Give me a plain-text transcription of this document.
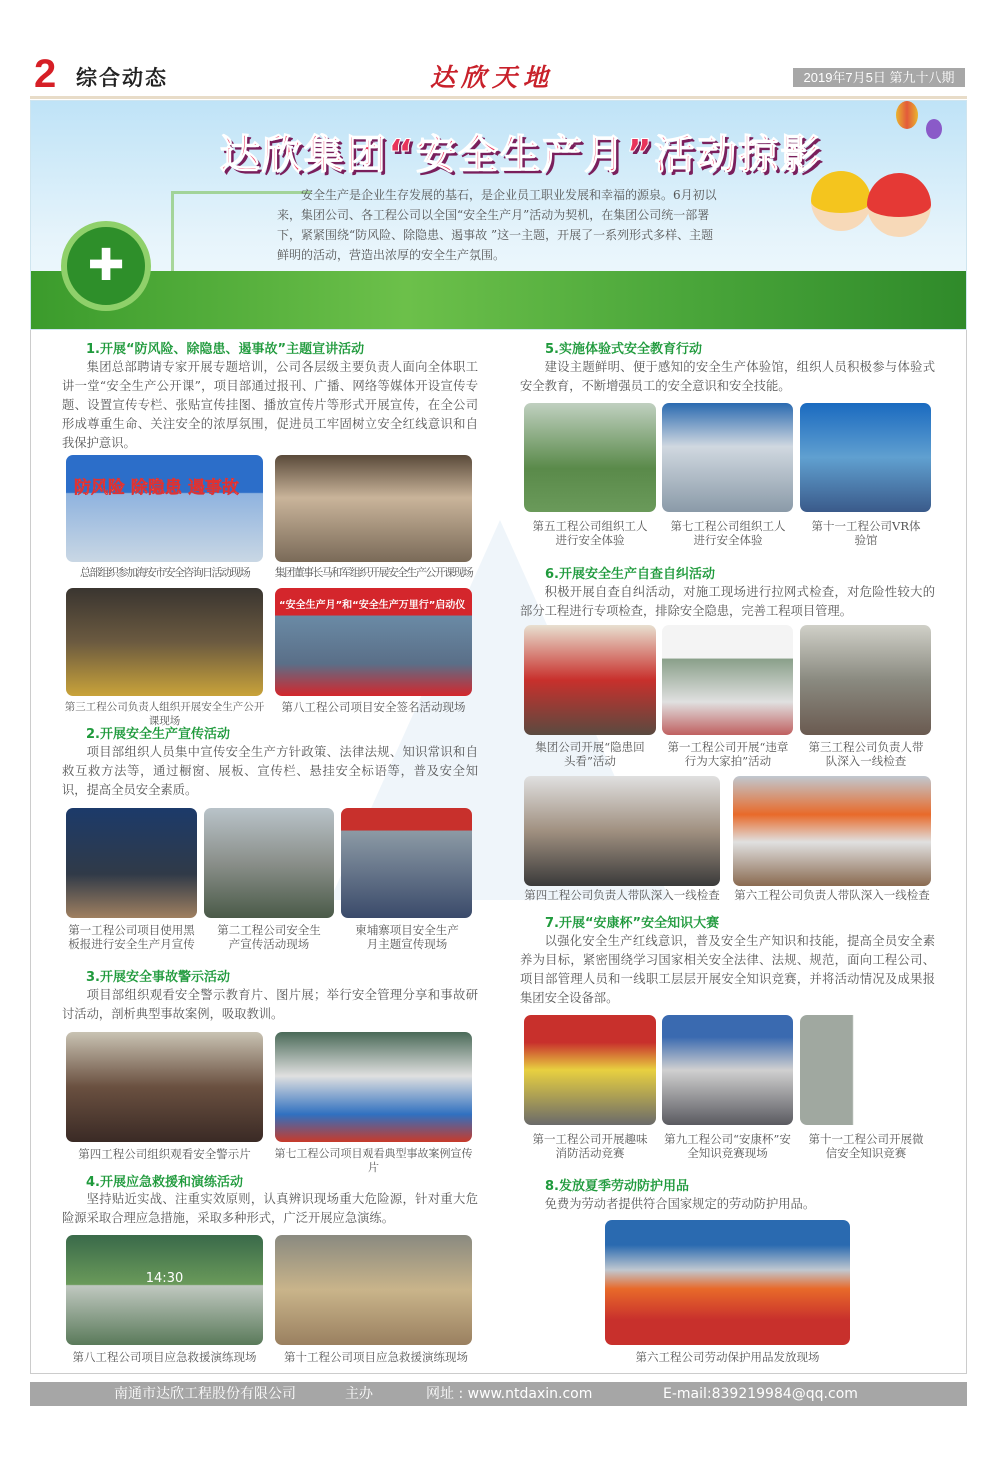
2 综合动态	达欣天地	2019年7月5日 第九十八期
✚
达欣集团“安全生产月”活动掠影
安全生产是企业生存发展的基石，是企业员工职业发展和幸福的源泉。6月初以来，集团公司、各工程公司以全国“安全生产月”活动为契机，在集团公司统一部署下，紧紧围绕“防风险、除隐患、遏事故 ”这一主题，开展了一系列形式多样、主题鲜明的活动，营造出浓厚的安全生产氛围。
1.开展“防风险、除隐患、遏事故”主题宣讲活动
集团总部聘请专家开展专题培训，公司各层级主要负责人面向全体职工讲一堂“安全生产公开课”，项目部通过报刊、广播、网络等媒体开设宣传专题、设置宣传专栏、张贴宣传挂图、播放宣传片等形式开展宣传，在全公司形成尊重生命、关注安全的浓厚氛围，促进员工牢固树立安全红线意识和自我保护意识。
防风险 除隐患 遏事故
总部组织参加海安市安全咨询日活动现场	集团董事长马和军组织开展安全生产公开课现场
“安全生产月”和“安全生产万里行”启动仪
第三工程公司负责人组织开展安全生产公开课现场
第八工程公司项目安全签名活动现场
2.开展安全生产宣传活动
项目部组织人员集中宣传安全生产方针政策、法律法规、知识常识和自救互救方法等，通过橱窗、展板、宣传栏、悬挂安全标语等，普及安全知识，提高全员安全素质。
第一工程公司项目使用黑板报进行安全生产月宣传
第二工程公司安全生产宣传活动现场
柬埔寨项目安全生产月主题宣传现场
3.开展安全事故警示活动
项目部组织观看安全警示教育片、图片展；举行安全管理分享和事故研讨活动，剖析典型事故案例，吸取教训。
第四工程公司组织观看安全警示片	第七工程公司项目观看典型事故案例宣传片
4.开展应急救援和演练活动
坚持贴近实战、注重实效原则，认真辨识现场重大危险源，针对重大危险源采取合理应急措施，采取多种形式，广泛开展应急演练。
14:30
第八工程公司项目应急救援演练现场	第十工程公司项目应急救援演练现场
5.实施体验式安全教育行动
建设主题鲜明、便于感知的安全生产体验馆，组织人员积极参与体验式安全教育，不断增强员工的安全意识和安全技能。
第五工程公司组织工人进行安全体验
第七工程公司组织工人进行安全体验
第十一工程公司VR体验馆
6.开展安全生产自查自纠活动
积极开展自查自纠活动，对施工现场进行拉网式检查，对危险性较大的部分工程进行专项检查，排除安全隐患，完善工程项目管理。
集团公司开展“隐患回头看”活动
第一工程公司开展“违章行为大家拍”活动
第三工程公司负责人带队深入一线检查
第四工程公司负责人带队深入一线检查	第六工程公司负责人带队深入一线检查
7.开展“安康杯”安全知识大赛
以强化安全生产红线意识，普及安全生产知识和技能，提高全员安全素养为目标，紧密围绕学习国家相关安全法律、法规、规范，面向工程公司、项目部管理人员和一线职工层层开展安全知识竞赛，并将活动情况及成果报集团安全设备部。
第一工程公司开展趣味消防活动竞赛
第九工程公司“安康杯”安全知识竞赛现场
第十一工程公司开展微信安全知识竞赛
8.发放夏季劳动防护用品
免费为劳动者提供符合国家规定的劳动防护用品。
第六工程公司劳动保护用品发放现场
南通市达欣工程股份有限公司	主办	网址 : www.ntdaxin.com	E-mail:839219984@qq.com
